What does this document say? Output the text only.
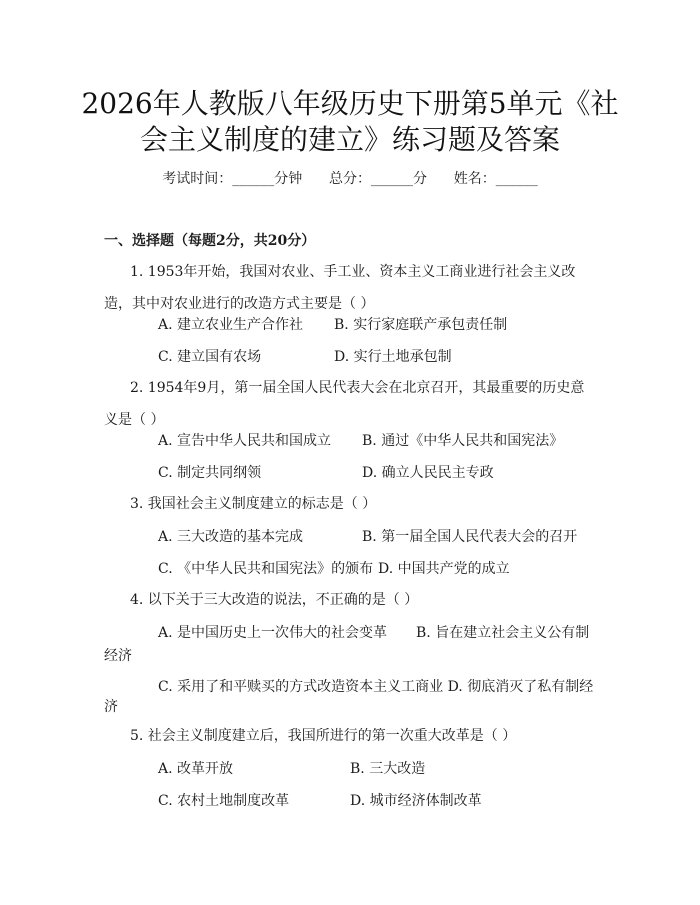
2026年人教版八年级历史下册第5单元《社
会主义制度的建立》练习题及答案
考试时间：______分钟      总分：______分      姓名：______
一、选择题（每题2分，共20分）
1. 1953年开始，我国对农业、手工业、资本主义工商业进行社会主义改
造，其中对农业进行的改造方式主要是（ ）
A. 建立农业生产合作社 B. 实行家庭联产承包责任制
C. 建立国有农场	D. 实行土地承包制
2. 1954年9月，第一届全国人民代表大会在北京召开，其最重要的历史意
义是（ ）
A. 宣告中华人民共和国成立 B. 通过《中华人民共和国宪法》
C. 制定共同纲领	D. 确立人民民主专政
3. 我国社会主义制度建立的标志是（ ）
A. 三大改造的基本完成	B. 第一届全国人民代表大会的召开
C. 《中华人民共和国宪法》的颁布 D. 中国共产党的成立
4. 以下关于三大改造的说法，不正确的是（ ）
A. 是中国历史上一次伟大的社会变革 B. 旨在建立社会主义公有制
经济
C. 采用了和平赎买的方式改造资本主义工商业 D. 彻底消灭了私有制经
济
5. 社会主义制度建立后，我国所进行的第一次重大改革是（ ）
A. 改革开放	B. 三大改造
C. 农村土地制度改革	D. 城市经济体制改革
